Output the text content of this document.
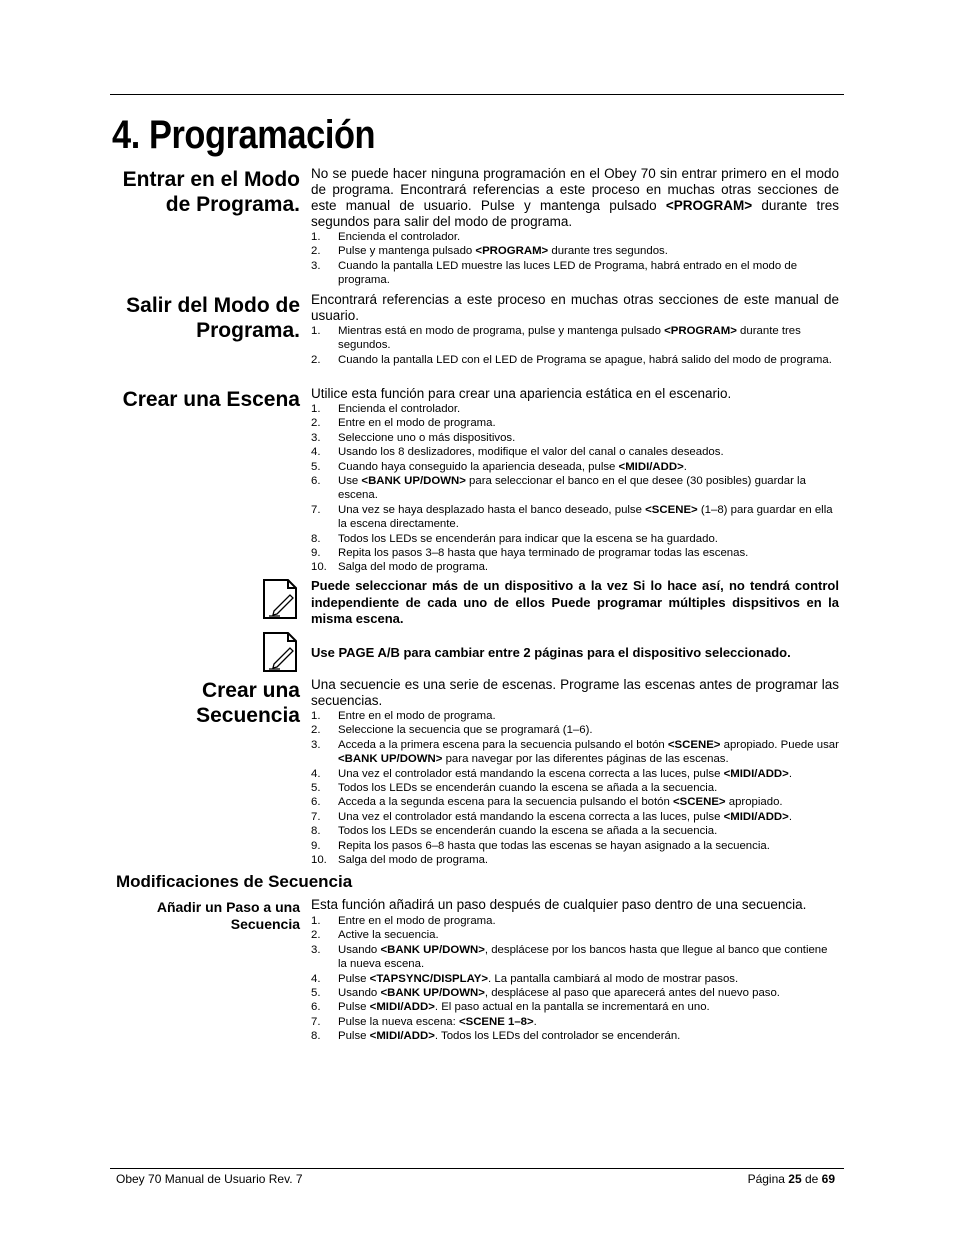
4. Programación
Entrar en el Modo
de Programa.

No se puede hacer ninguna programación en el Obey 70 sin entrar primero en el modo de programa. Encontrará referencias a este proceso en muchas otras secciones de este manual de usuario. Pulse y mantenga pulsado <PROGRAM> durante tres segundos para salir del modo de programa.

1. Encienda el controlador.
2. Pulse y mantenga pulsado <PROGRAM> durante tres segundos.
3. Cuando la pantalla LED muestre las luces LED de Programa, habrá entrado en el modo de programa.
Salir del Modo de
Programa.

Encontrará referencias a este proceso en muchas otras secciones de este manual de usuario.

1. Mientras está en modo de programa, pulse y mantenga pulsado <PROGRAM> durante tres segundos.
2. Cuando la pantalla LED con el LED de Programa se apague, habrá salido del modo de programa.
Crear una Escena Utilice esta función para crear una apariencia estática en el escenario.

1. Encienda el controlador.
2. Entre en el modo de programa.
3. Seleccione uno o más dispositivos.
4. Usando los 8 deslizadores, modifique el valor del canal o canales deseados.
5. Cuando haya conseguido la apariencia deseada, pulse <MIDI/ADD>.
6. Use <BANK UP/DOWN> para seleccionar el banco en el que desee (30 posibles) guardar la escena.
7. Una vez se haya desplazado hasta el banco deseado, pulse <SCENE> (1–8) para guardar en ella la escena directamente.
8. Todos los LEDs se encenderán para indicar que la escena se ha guardado.
9. Repita los pasos 3–8 hasta que haya terminado de programar todas las escenas.
10. Salga del modo de programa.

Puede seleccionar más de un dispositivo a la vez Si lo hace así, no tendrá control independiente de cada uno de ellos Puede programar múltiples dispsitivos en la misma escena.

Use PAGE A/B para cambiar entre 2 páginas para el dispositivo seleccionado.

Crear una
Secuencia

Una secuencie es una serie de escenas. Programe las escenas antes de programar las secuencias.

1. Entre en el modo de programa.
2. Seleccione la secuencia que se programará (1–6).
3. Acceda a la primera escena para la secuencia pulsando el botón <SCENE> apropiado. Puede usar <BANK UP/DOWN> para navegar por las diferentes páginas de las escenas.
4. Una vez el controlador está mandando la escena correcta a las luces, pulse <MIDI/ADD>.
5. Todos los LEDs se encenderán cuando la escena se añada a la secuencia.
6. Acceda a la segunda escena para la secuencia pulsando el botón <SCENE> apropiado.
7. Una vez el controlador está mandando la escena correcta a las luces, pulse <MIDI/ADD>.
8. Todos los LEDs se encenderán cuando la escena se añada a la secuencia.
9. Repita los pasos 6–8 hasta que todas las escenas se hayan asignado a la secuencia.
10. Salga del modo de programa.
Modificaciones de Secuencia
Añadir un Paso a una
Secuencia

Esta función añadirá un paso después de cualquier paso dentro de una secuencia.

1. Entre en el modo de programa.
2. Active la secuencia.
3. Usando <BANK UP/DOWN>, desplácese por los bancos hasta que llegue al banco que contiene la nueva escena.
4. Pulse <TAPSYNC/DISPLAY>. La pantalla cambiará al modo de mostrar pasos.
5. Usando <BANK UP/DOWN>, desplácese al paso que aparecerá antes del nuevo paso.
6. Pulse <MIDI/ADD>. El paso actual en la pantalla se incrementará en uno.
7. Pulse la nueva escena: <SCENE 1–8>.
8. Pulse <MIDI/ADD>. Todos los LEDs del controlador se encenderán.
Obey 70 Manual de Usuario Rev. 7	Página 25 de 69
